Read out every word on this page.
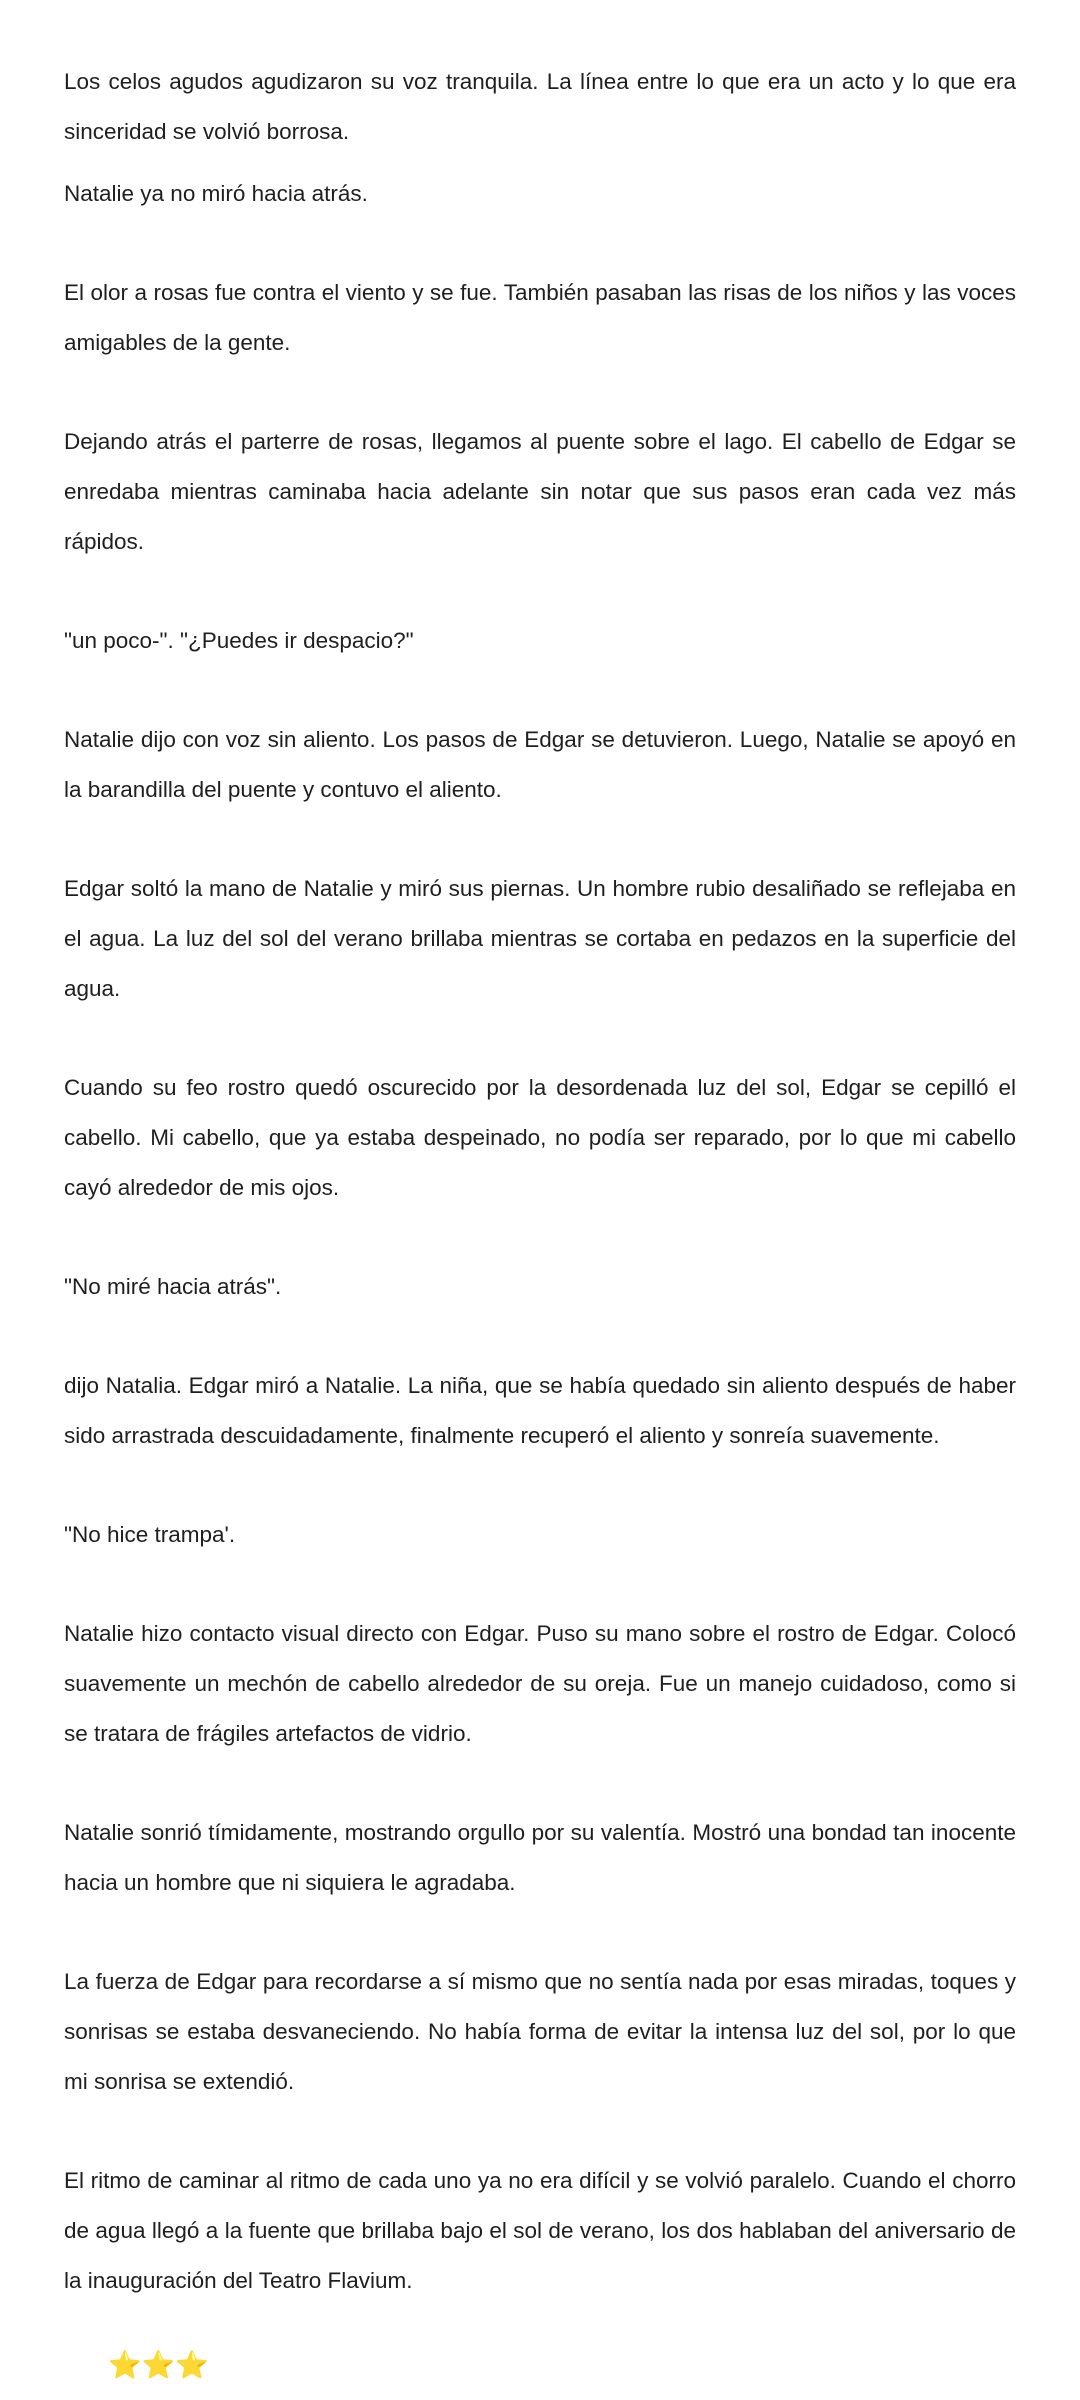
Los celos agudos agudizaron su voz tranquila. La línea entre lo que era un acto y lo que era sinceridad se volvió borrosa.

Natalie ya no miró hacia atrás.

El olor a rosas fue contra el viento y se fue. También pasaban las risas de los niños y las voces amigables de la gente.

Dejando atrás el parterre de rosas, llegamos al puente sobre el lago. El cabello de Edgar se enredaba mientras caminaba hacia adelante sin notar que sus pasos eran cada vez más rápidos.

"un poco-". "¿Puedes ir despacio?"

Natalie dijo con voz sin aliento. Los pasos de Edgar se detuvieron. Luego, Natalie se apoyó en la barandilla del puente y contuvo el aliento.

Edgar soltó la mano de Natalie y miró sus piernas. Un hombre rubio desaliñado se reflejaba en el agua. La luz del sol del verano brillaba mientras se cortaba en pedazos en la superficie del agua.

Cuando su feo rostro quedó oscurecido por la desordenada luz del sol, Edgar se cepilló el cabello. Mi cabello, que ya estaba despeinado, no podía ser reparado, por lo que mi cabello cayó alrededor de mis ojos.

"No miré hacia atrás".

dijo Natalia. Edgar miró a Natalie. La niña, que se había quedado sin aliento después de haber sido arrastrada descuidadamente, finalmente recuperó el aliento y sonreía suavemente.

"No hice trampa'.

Natalie hizo contacto visual directo con Edgar. Puso su mano sobre el rostro de Edgar. Colocó suavemente un mechón de cabello alrededor de su oreja. Fue un manejo cuidadoso, como si se tratara de frágiles artefactos de vidrio.

Natalie sonrió tímidamente, mostrando orgullo por su valentía. Mostró una bondad tan inocente hacia un hombre que ni siquiera le agradaba.

La fuerza de Edgar para recordarse a sí mismo que no sentía nada por esas miradas, toques y sonrisas se estaba desvaneciendo. No había forma de evitar la intensa luz del sol, por lo que mi sonrisa se extendió.

El ritmo de caminar al ritmo de cada uno ya no era difícil y se volvió paralelo. Cuando el chorro de agua llegó a la fuente que brillaba bajo el sol de verano, los dos hablaban del aniversario de la inauguración del Teatro Flavium.

⭐⭐⭐
